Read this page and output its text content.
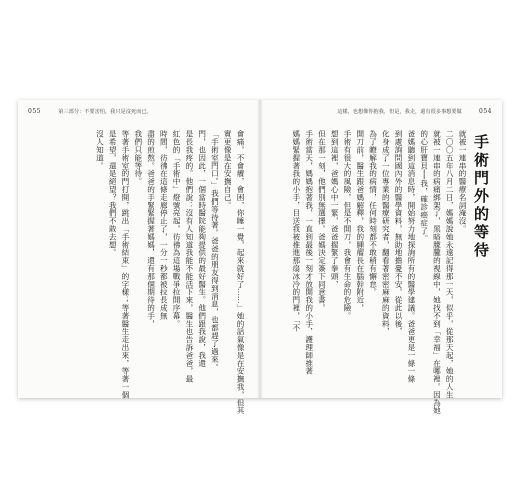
055	第三部分：不要害怕，我只是沒死而已。
會痛，不會癢，會困，你睡一覺，起來就好了……」她的話氣像是在安撫我，但其
實更像是在安撫自己。
「手術室門口。」我們等待著。爸爸的朋友得到消息，也都趕了過來。
門，也因此，一個當時醫院能夠提供的最好醫生。他們跟我說，我還
是長我疼的。他們說：沒有人知道我能不能活下來，醫生也告訴爸爸，最
紅色的「手術中」燈號亮起，彷彿為這場戰爭拉開序幕。
時間，彷彿在這條走廊停止了，一分一秒都被拉長成無
盡的煎熬。爸爸的手緊緊握著媽媽，還有那個期待的手，
我們只能等待。
等著手術室的門打開，跳出「手術結束」的字樣；等著醫生走出來，等著一個
是希望，還是絕望？我們不敢去想。
沒人知道。
這樣，也想像你抱我，但是，我走，還有很多事想要做	054
手術門外的等待
就被一連串的醫療名詞淹沒。
二〇〇五年八月二日，媽媽說她永遠記得那一天，似乎，從那天起，她的人生
就被一連串的病痛綁架了，黑暗朦朧的視線中，她找不到「幸福」在哪裡。因為她
的心肝寶貝──我，確診癌症了。
爸媽聽到這消息時，開始努力地探詢所有的醫學建議。爸爸更是一條一條
到處詢問國內外的醫學資料，無助地擔憂不安，從此以後，
化身成了一位專業的醫療研究者，翻看著密密麻麻的資料，
為了瞭解我的病情，任何時刻都不敢稍有懈怠。
開刀前，醫生跟爸媽解釋，我的腫瘤長在腦幹附近，
手術有很大的風險，但是不開刀，我會有生命的危險。
想到這裡，爸媽心中一緊，爸爸握緊了拳頭，
但在那一刻，他們別無選擇。爸媽決定簽下同意書。
手術當天，媽媽抱著我，一直到最後一刻才放開我的小手，護理師推著
媽媽緊握著我的小手，目送我被推進那扇冰冷的門裡，「不
